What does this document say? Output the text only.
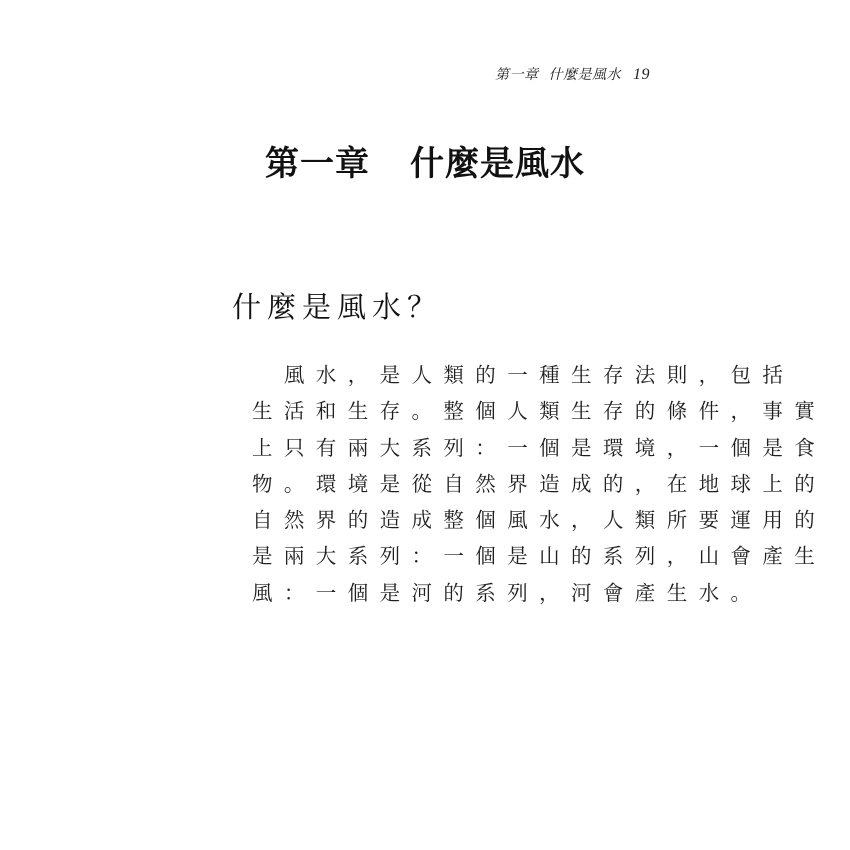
第一章 什麼是風水 19
第一章 什麼是風水
什麼是風水？
　風水，是人類的一種生存法則，包括
生活和生存。整個人類生存的條件，事實
上只有兩大系列：一個是環境，一個是食
物。環境是從自然界造成的，在地球上的
自然界的造成整個風水，人類所要運用的
是兩大系列：一個是山的系列，山會產生
風：一個是河的系列，河會產生水。
